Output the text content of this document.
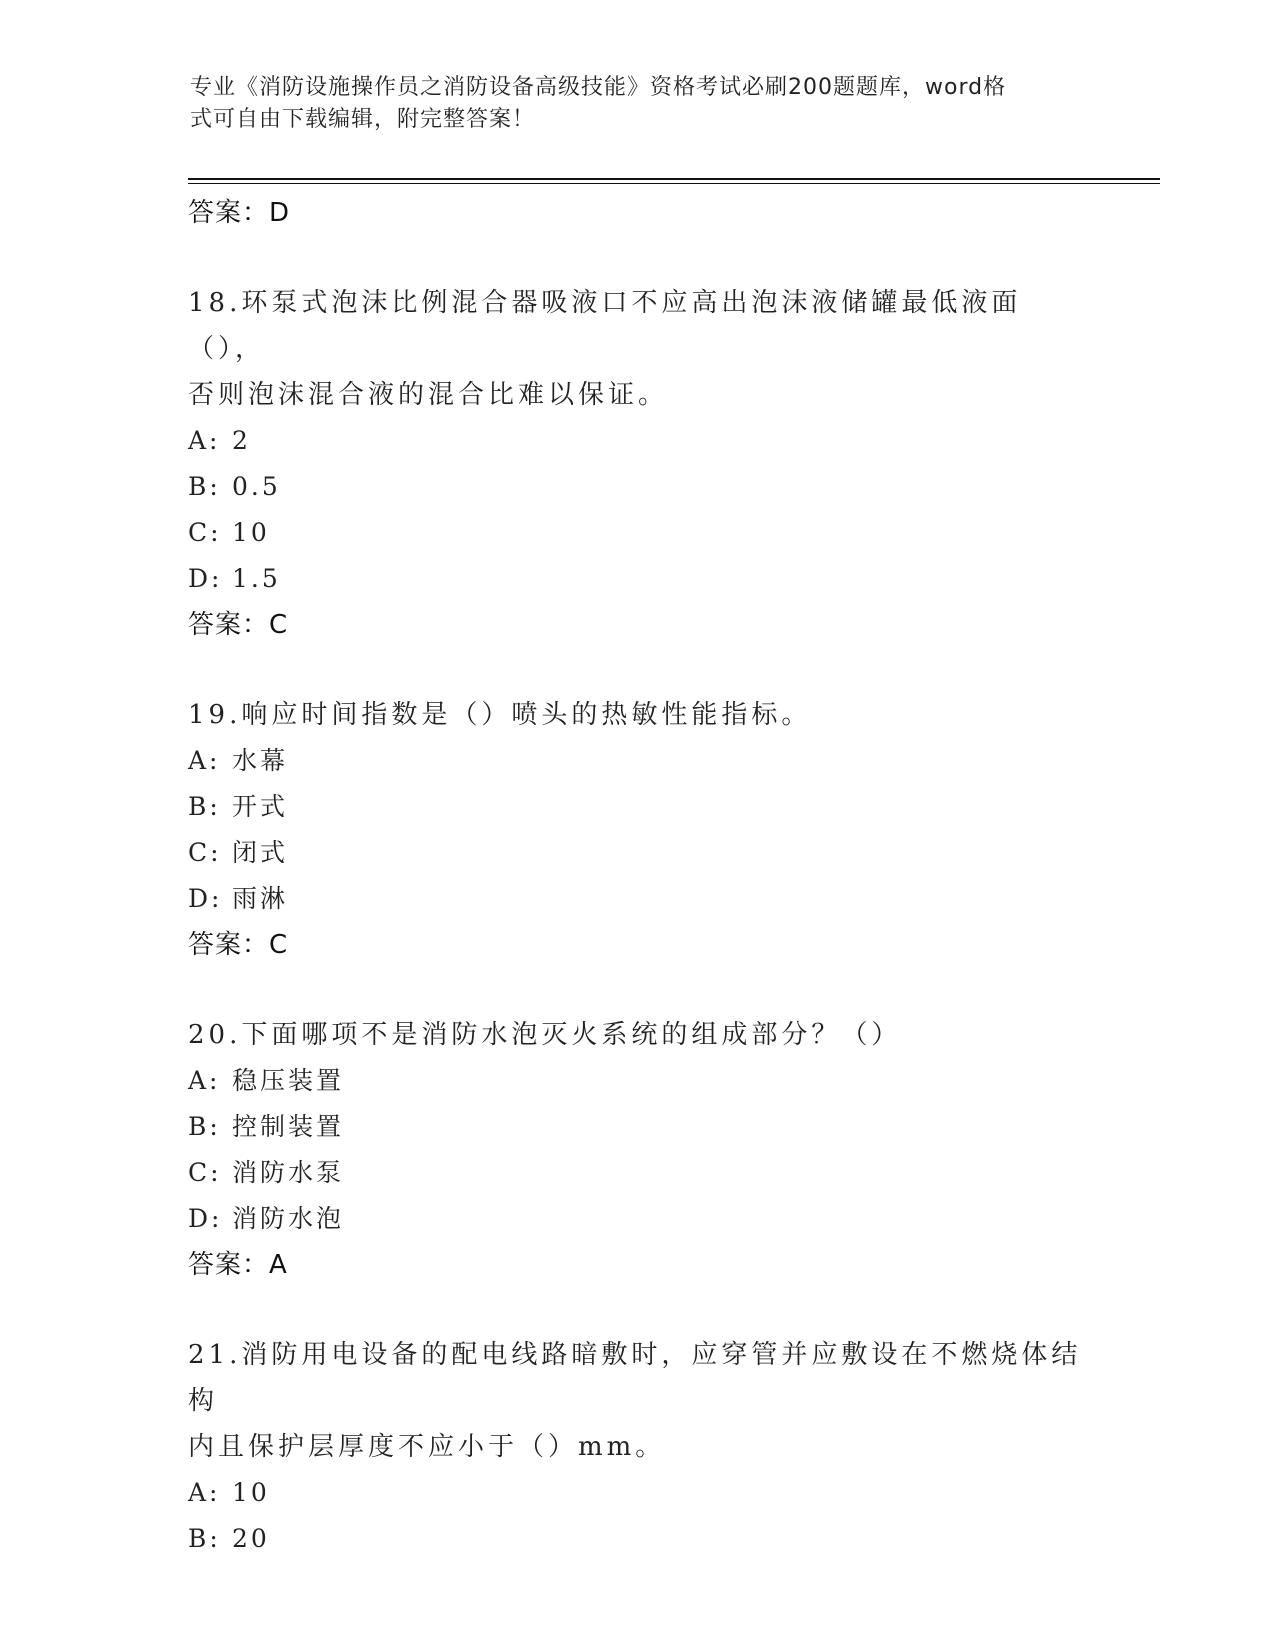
专业《消防设施操作员之消防设备高级技能》资格考试必刷200题题库，word格
式可自由下载编辑，附完整答案！
答案：D
18.环泵式泡沫比例混合器吸液口不应高出泡沫液储罐最低液面（），
否则泡沫混合液的混合比难以保证。
A: 2
B: 0.5
C: 10
D: 1.5
答案：C
19.响应时间指数是（）喷头的热敏性能指标。
A: 水幕
B: 开式
C: 闭式
D: 雨淋
答案：C
20.下面哪项不是消防水泡灭火系统的组成部分？（）
A: 稳压装置
B: 控制装置
C: 消防水泵
D: 消防水泡
答案：A
21.消防用电设备的配电线路暗敷时，应穿管并应敷设在不燃烧体结构
内且保护层厚度不应小于（）mm。
A: 10
B: 20
